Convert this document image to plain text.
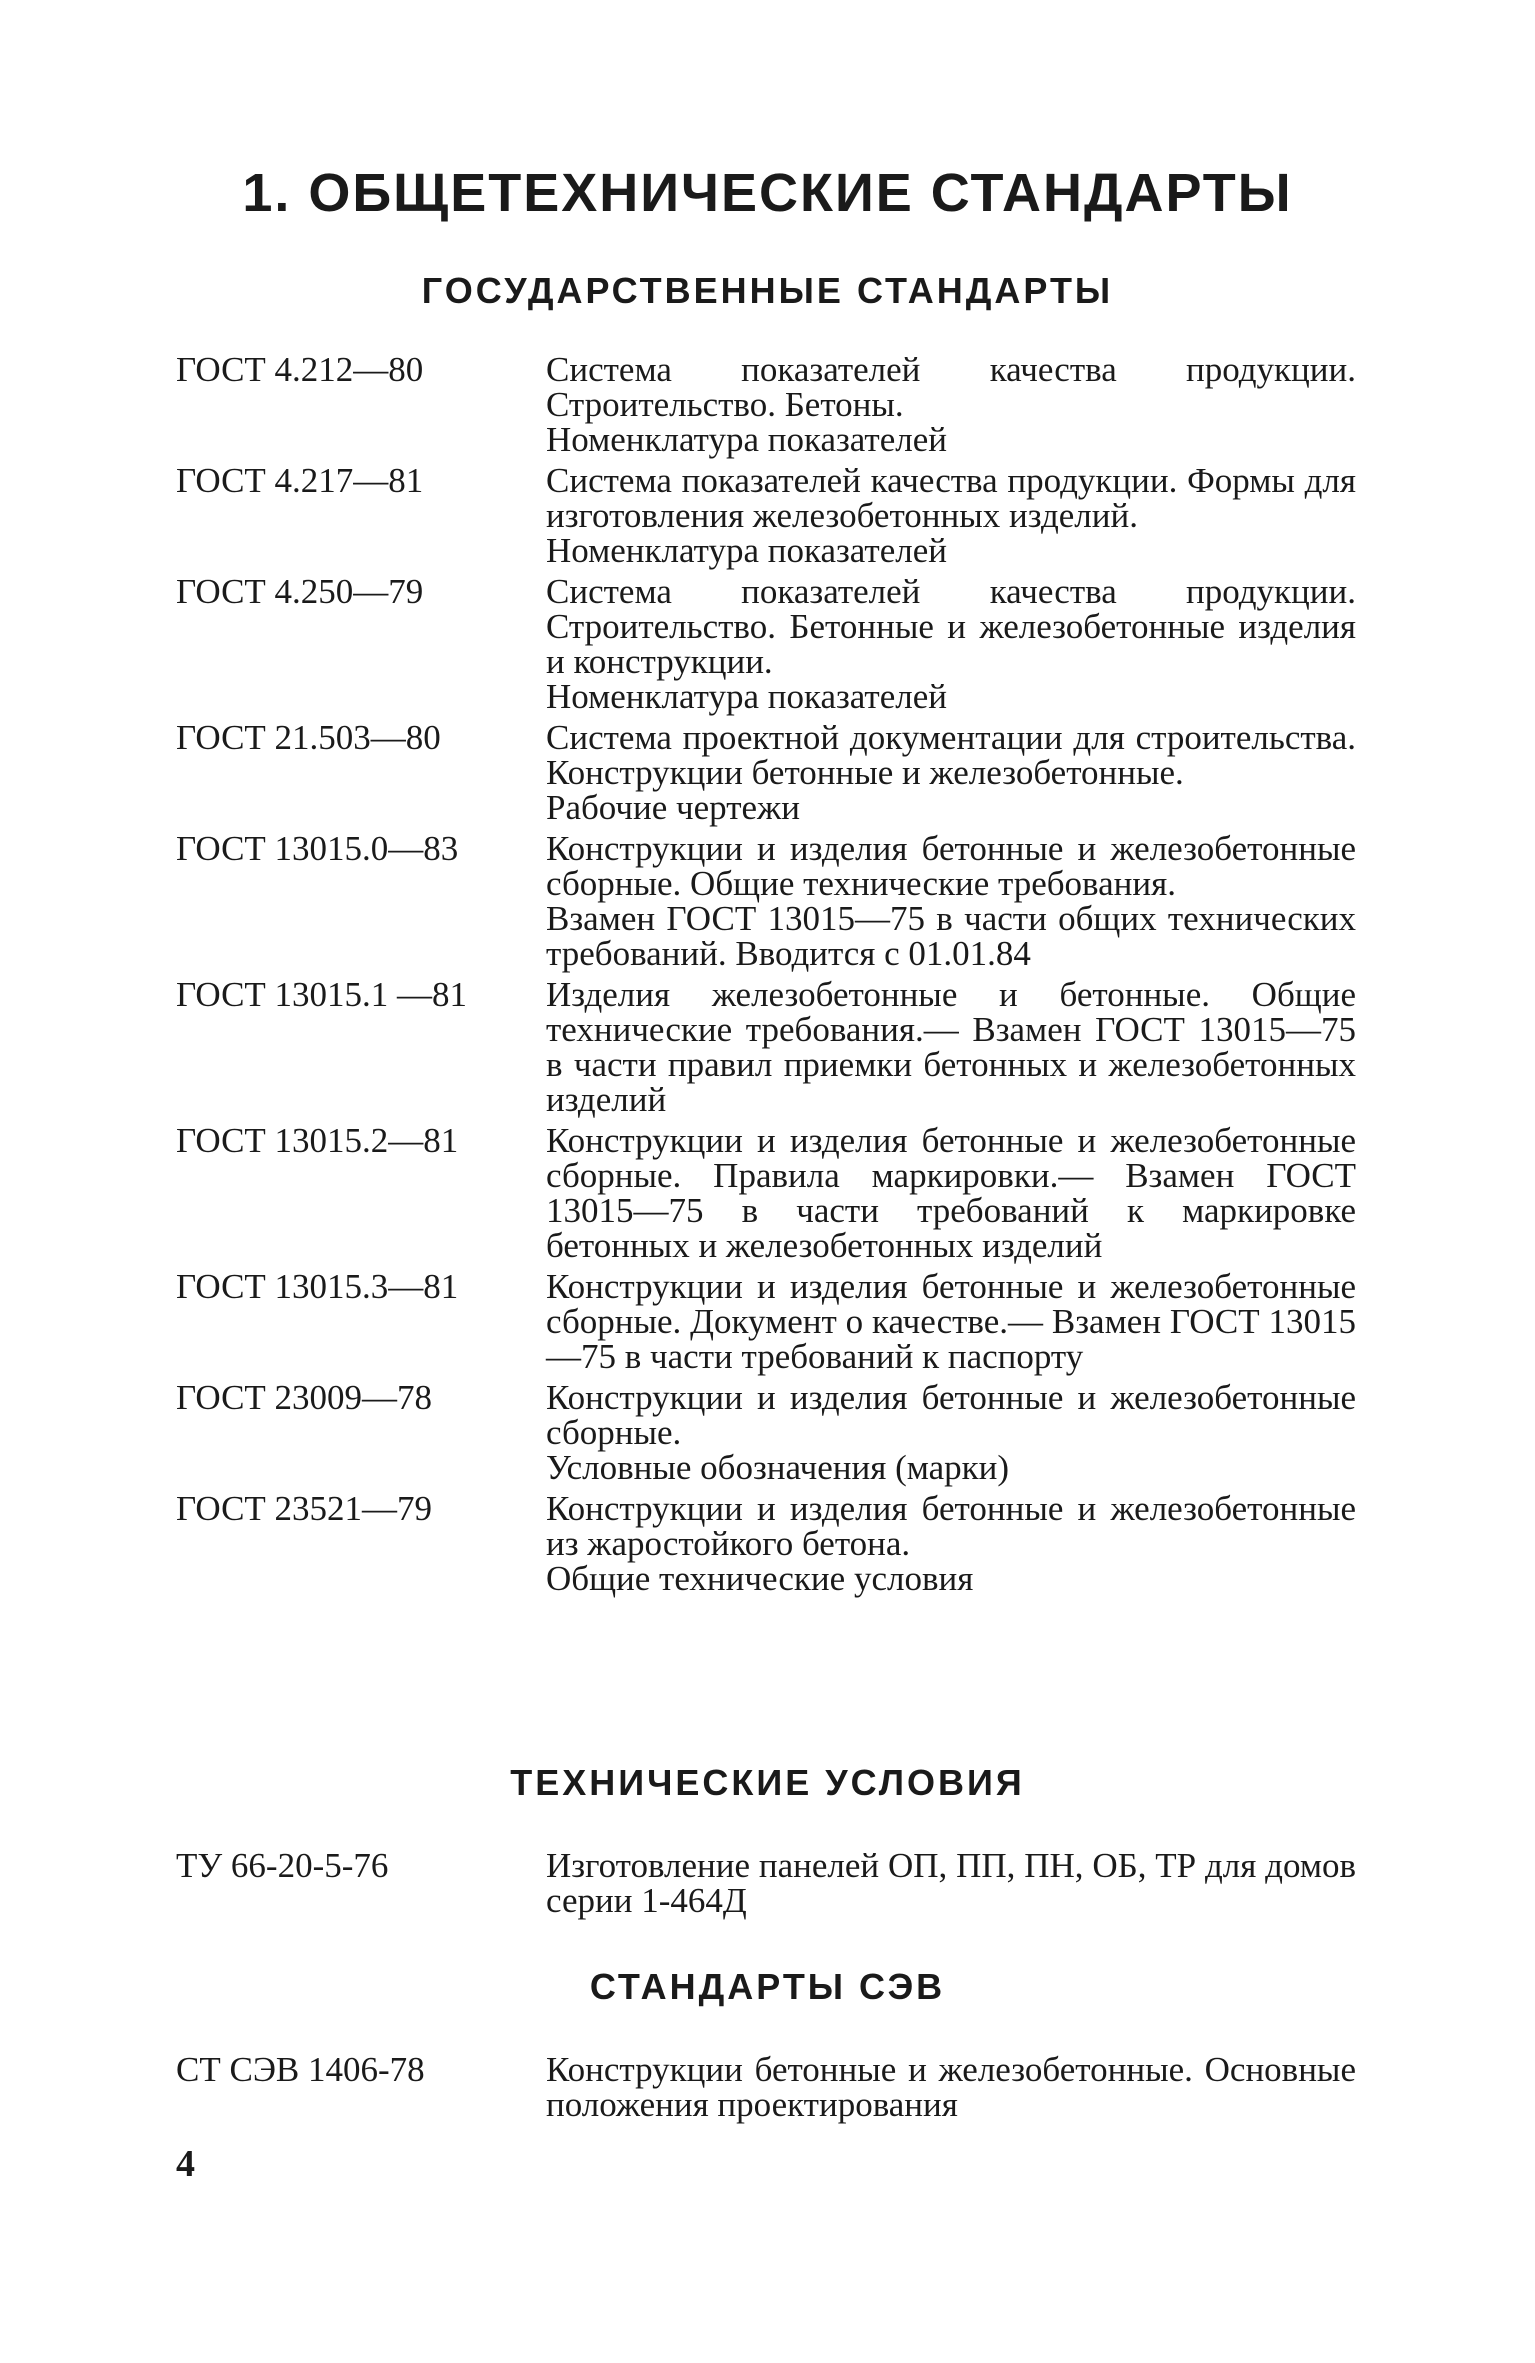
1. ОБЩЕТЕХНИЧЕСКИЕ СТАНДАРТЫ
ГОСУДАРСТВЕННЫЕ СТАНДАРТЫ
ГОСТ 4.212—80	Система показателей качества продукции. Строительство. Бетоны.
Номенклатура показателей
ГОСТ 4.217—81	Система показателей качества продукции. Формы для изготовления железобетонных изделий.
Номенклатура показателей
ГОСТ 4.250—79	Система показателей качества продукции. Строительство. Бетонные и железобетонные изделия и конструкции.
Номенклатура показателей
ГОСТ 21.503—80	Система проектной документации для строительства. Конструкции бетонные и железобетонные.
Рабочие чертежи
ГОСТ 13015.0—83	Конструкции и изделия бетонные и железобетонные сборные. Общие технические требования.
Взамен ГОСТ 13015—75 в части общих технических требований. Вводится с 01.01.84
ГОСТ 13015.1 —81	Изделия железобетонные и бетонные. Общие технические требования.— Взамен ГОСТ 13015—75 в части правил приемки бетонных и железобетонных изделий
ГОСТ 13015.2—81	Конструкции и изделия бетонные и железобетонные сборные. Правила маркировки.— Взамен ГОСТ 13015—75 в части требований к маркировке бетонных и железобетонных изделий
ГОСТ 13015.3—81	Конструкции и изделия бетонные и железобетонные сборные. Документ о качестве.— Взамен ГОСТ 13015—75 в части требований к паспорту
ГОСТ 23009—78	Конструкции и изделия бетонные и железобетонные сборные.
Условные обозначения (марки)
ГОСТ 23521—79	Конструкции и изделия бетонные и железобетонные из жаростойкого бетона.
Общие технические условия
ТЕХНИЧЕСКИЕ УСЛОВИЯ
ТУ 66-20-5-76	Изготовление панелей ОП, ПП, ПН, ОБ, ТР для домов серии 1-464Д
СТАНДАРТЫ СЭВ
СТ СЭВ 1406-78	Конструкции бетонные и железобетонные. Основные положения проектирования
4
